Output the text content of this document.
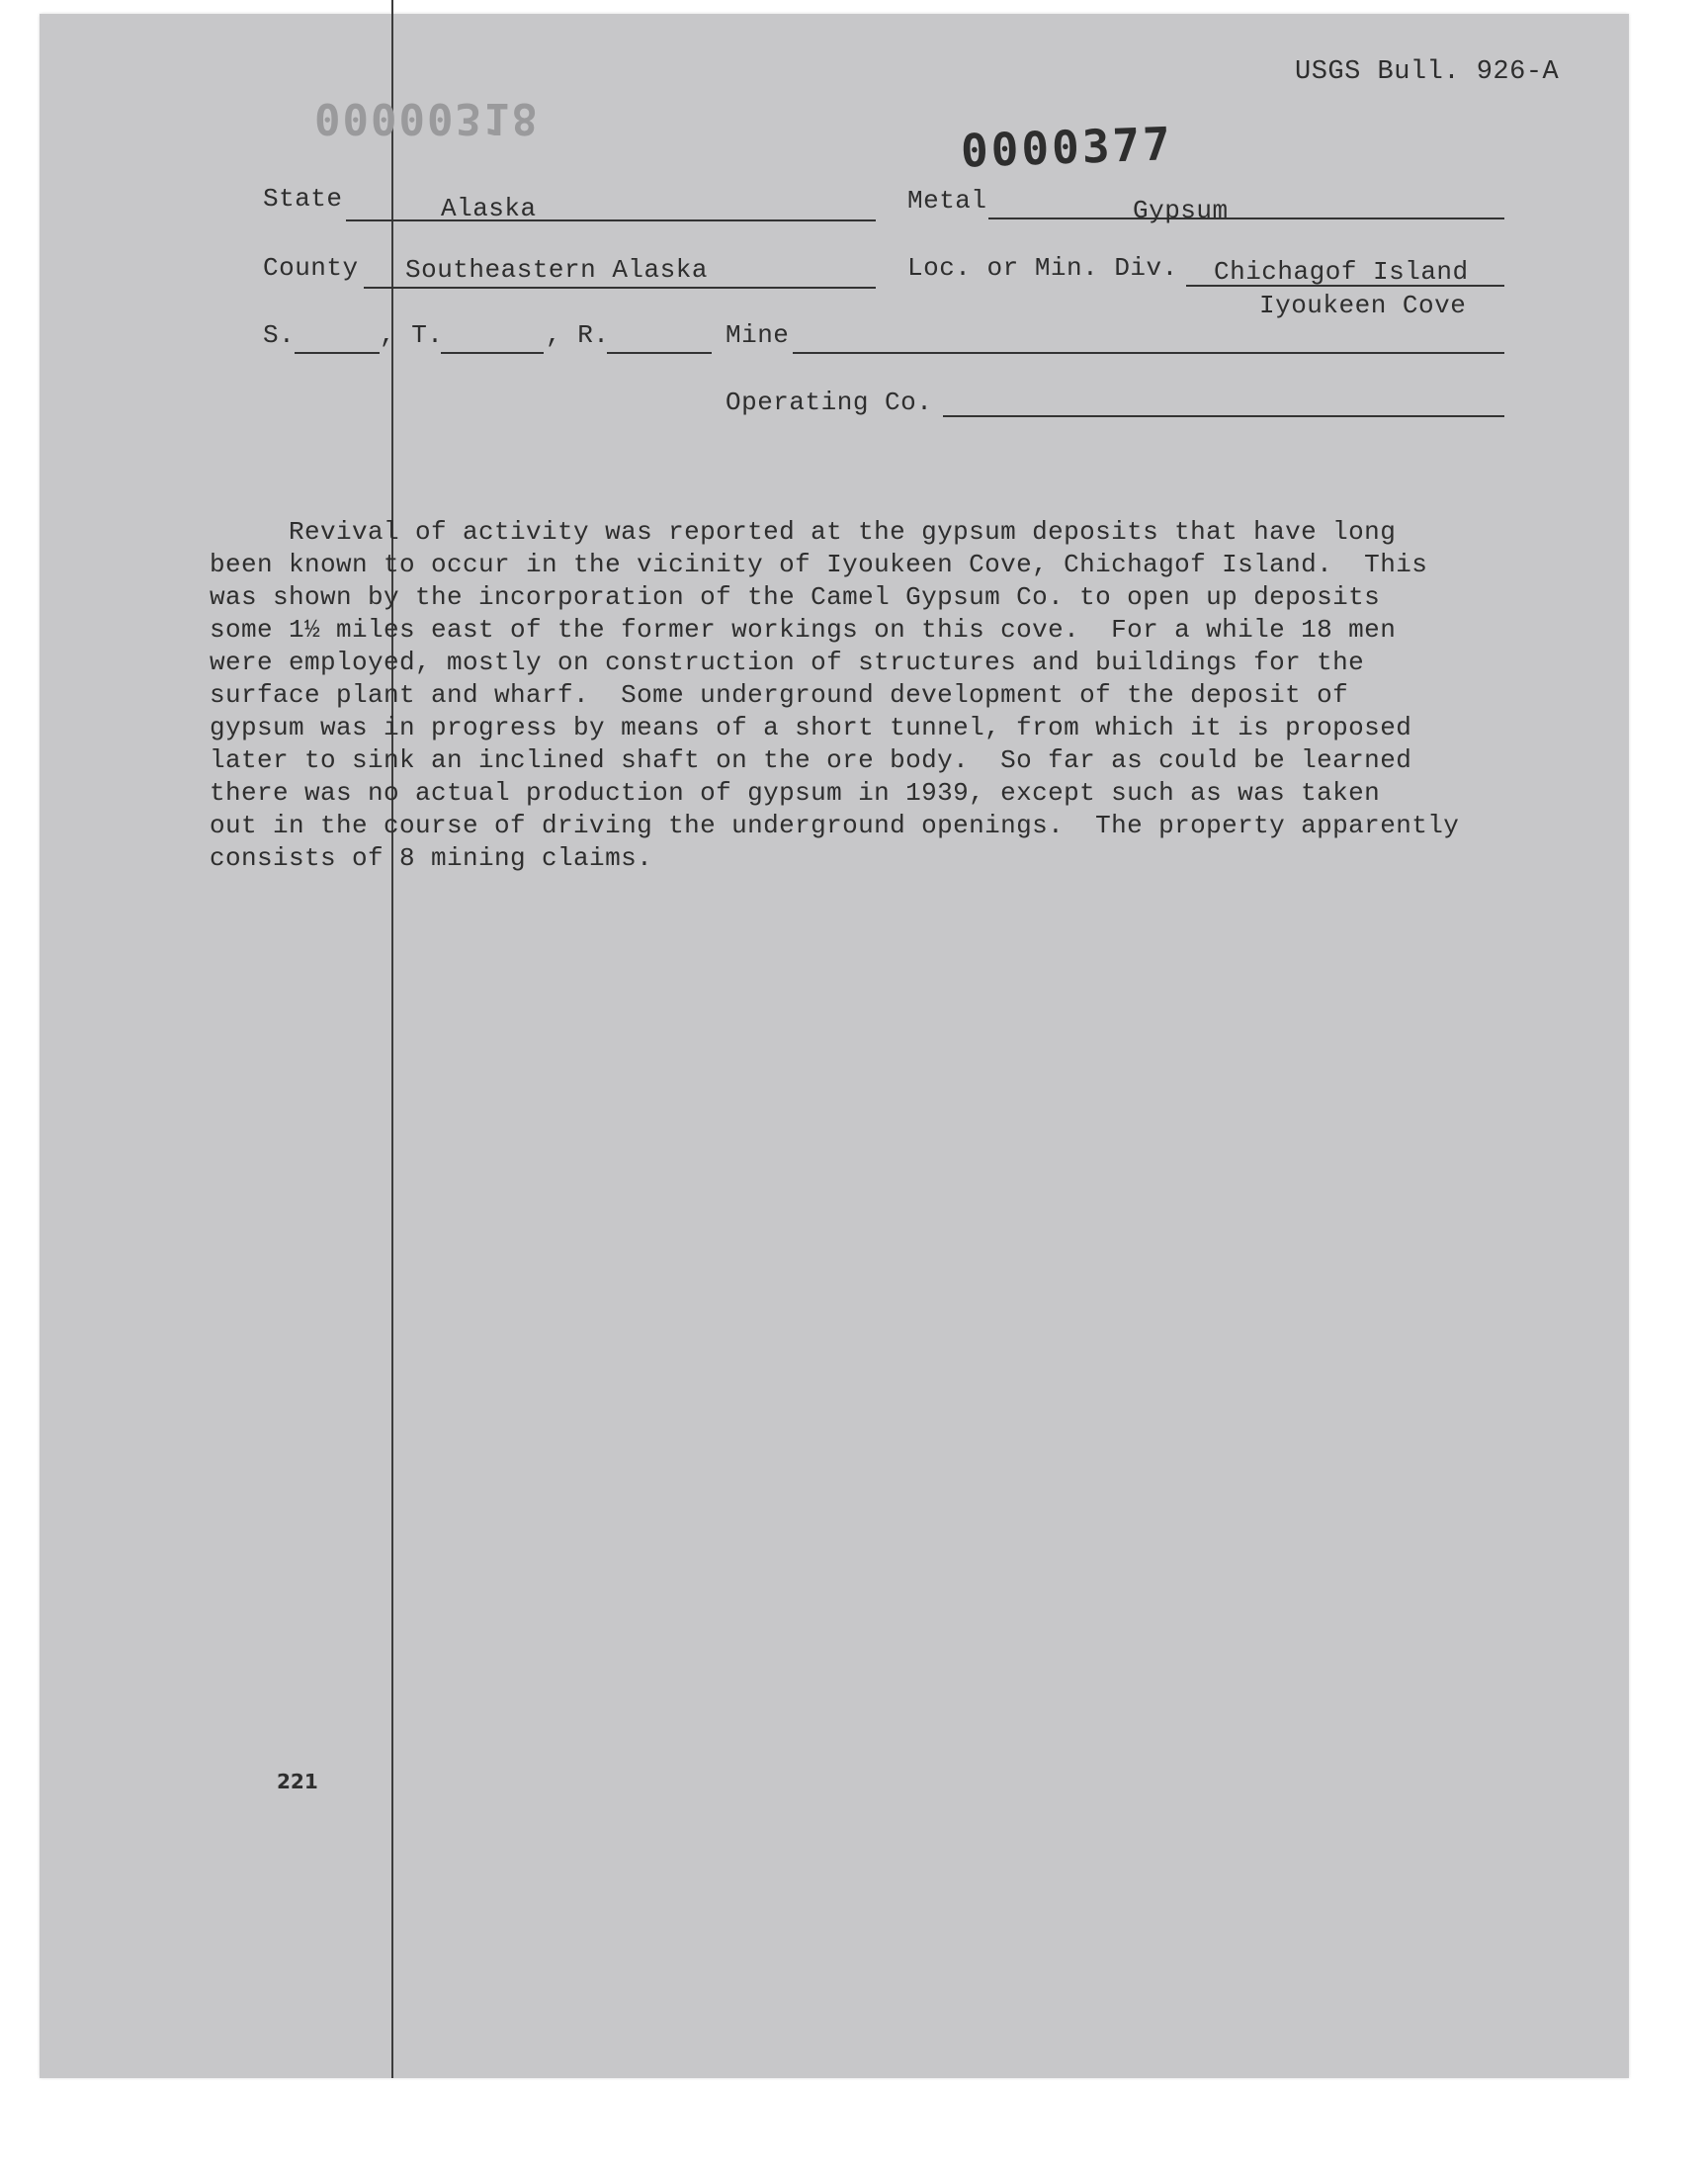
USGS Bull. 926-A
00000318	0000377
State	Alaska	Metal	Gypsum
County Southeastern Alaska	Loc. or Min. Div. Chichagof Island
Iyoukeen Cove
S.	, T.	, R.	Mine
Operating Co.
Revival of activity was reported at the gypsum deposits that have long
been known to occur in the vicinity of Iyoukeen Cove, Chichagof Island.  This
was shown by the incorporation of the Camel Gypsum Co. to open up deposits
some 1½ miles east of the former workings on this cove.  For a while 18 men
were employed, mostly on construction of structures and buildings for the
surface plant and wharf.  Some underground development of the deposit of
gypsum was in progress by means of a short tunnel, from which it is proposed
later to sink an inclined shaft on the ore body.  So far as could be learned
there was no actual production of gypsum in 1939, except such as was taken
out in the course of driving the underground openings.  The property apparently
consists of 8 mining claims.
221
